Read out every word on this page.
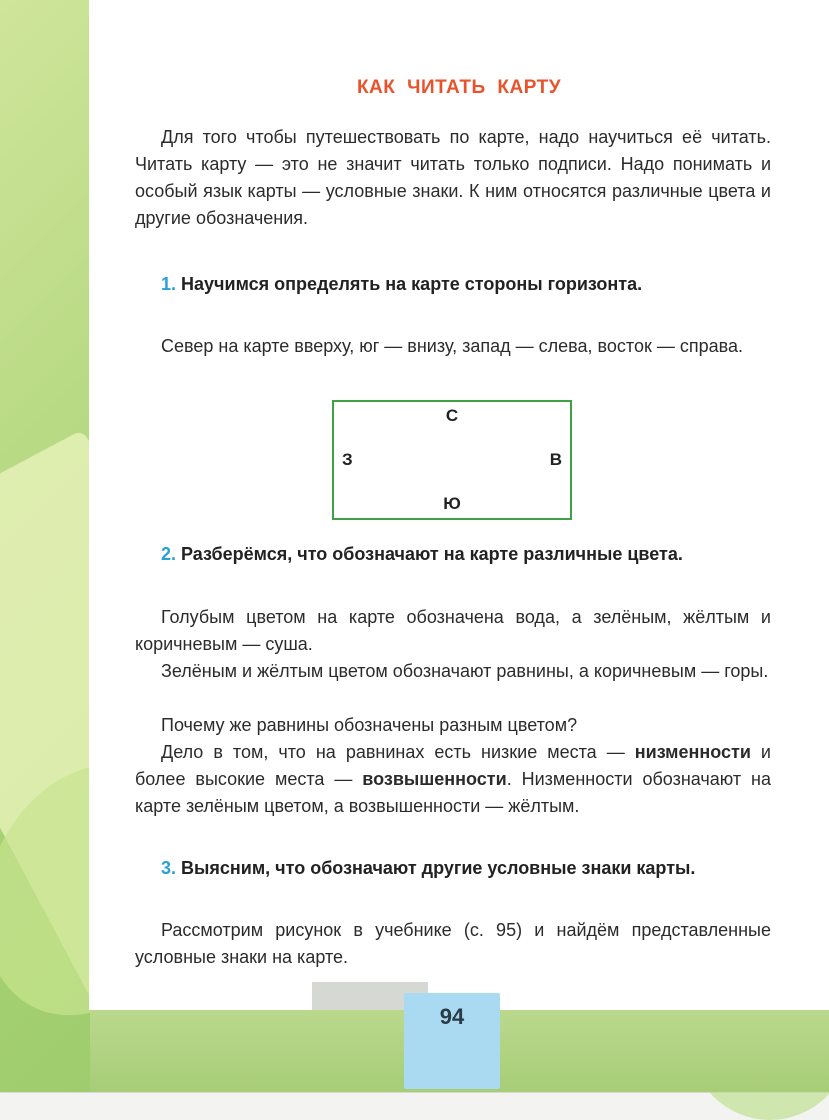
КАК ЧИТАТЬ КАРТУ

Для того чтобы путешествовать по карте, надо научиться её читать. Читать карту — это не значит читать только подписи. Надо понимать и особый язык карты — условные знаки. К ним относятся различные цвета и другие обозначения.

1. Научимся определять на карте стороны горизонта.

Север на карте вверху, юг — внизу, запад — слева, восток — справа.

С
З	В
Ю

2. Разберёмся, что обозначают на карте различные цвета.

Голубым цветом на карте обозначена вода, а зелёным, жёлтым и коричневым — суша.

Зелёным и жёлтым цветом обозначают равнины, а коричневым — горы.

Почему же равнины обозначены разным цветом?

Дело в том, что на равнинах есть низкие места — низменности и более высокие места — возвышенности. Низменности обозначают на карте зелёным цветом, а возвышенности — жёлтым.

3. Выясним, что обозначают другие условные знаки карты.

Рассмотрим рисунок в учебнике (с. 95) и найдём представленные условные знаки на карте.

94
